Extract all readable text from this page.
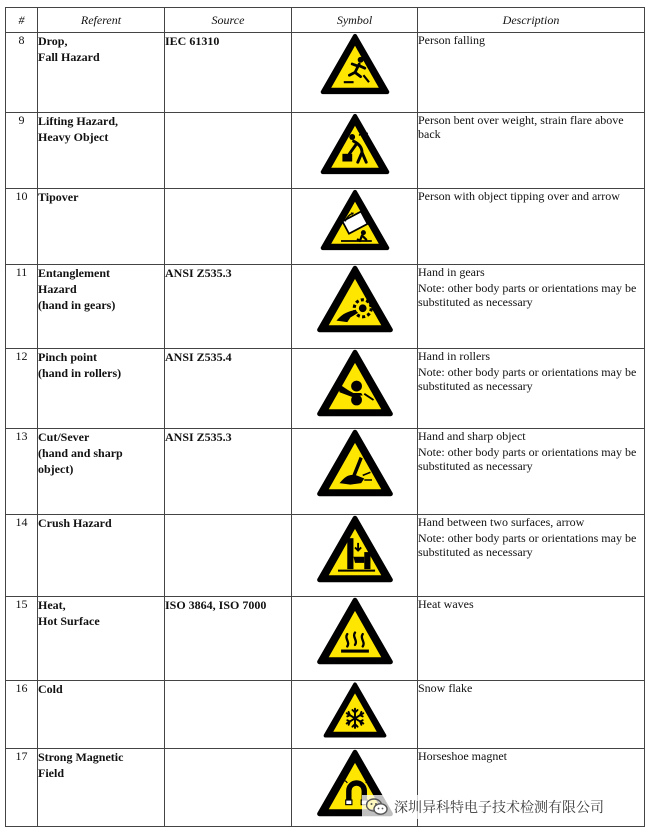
#	Referent	Source	Symbol	Description
8	Drop,
Fall Hazard	IEC 61310		Person falling
9	Lifting Hazard,
Heavy Object			Person bent over weight, strain flare above back
10	Tipover			Person with object tipping over and arrow
11	Entanglement
Hazard
(hand in gears)	ANSI Z535.3		Hand in gears
Note: other body parts or orientations may be substituted as necessary

12	Pinch point
(hand in rollers)	ANSI Z535.4		Hand in rollers
Note: other body parts or orientations may be substituted as necessary

13	Cut/Sever
(hand and sharp
object)	ANSI Z535.3		Hand and sharp object
Note: other body parts or orientations may be substituted as necessary

14	Crush Hazard			Hand between two surfaces, arrow
Note: other body parts or orientations may be substituted as necessary

15	Heat,
Hot Surface	ISO 3864, ISO 7000		Heat waves
16	Cold			Snow flake
17	Strong Magnetic
Field			Horseshoe magnet
深圳异科特电子技术检测有限公司
